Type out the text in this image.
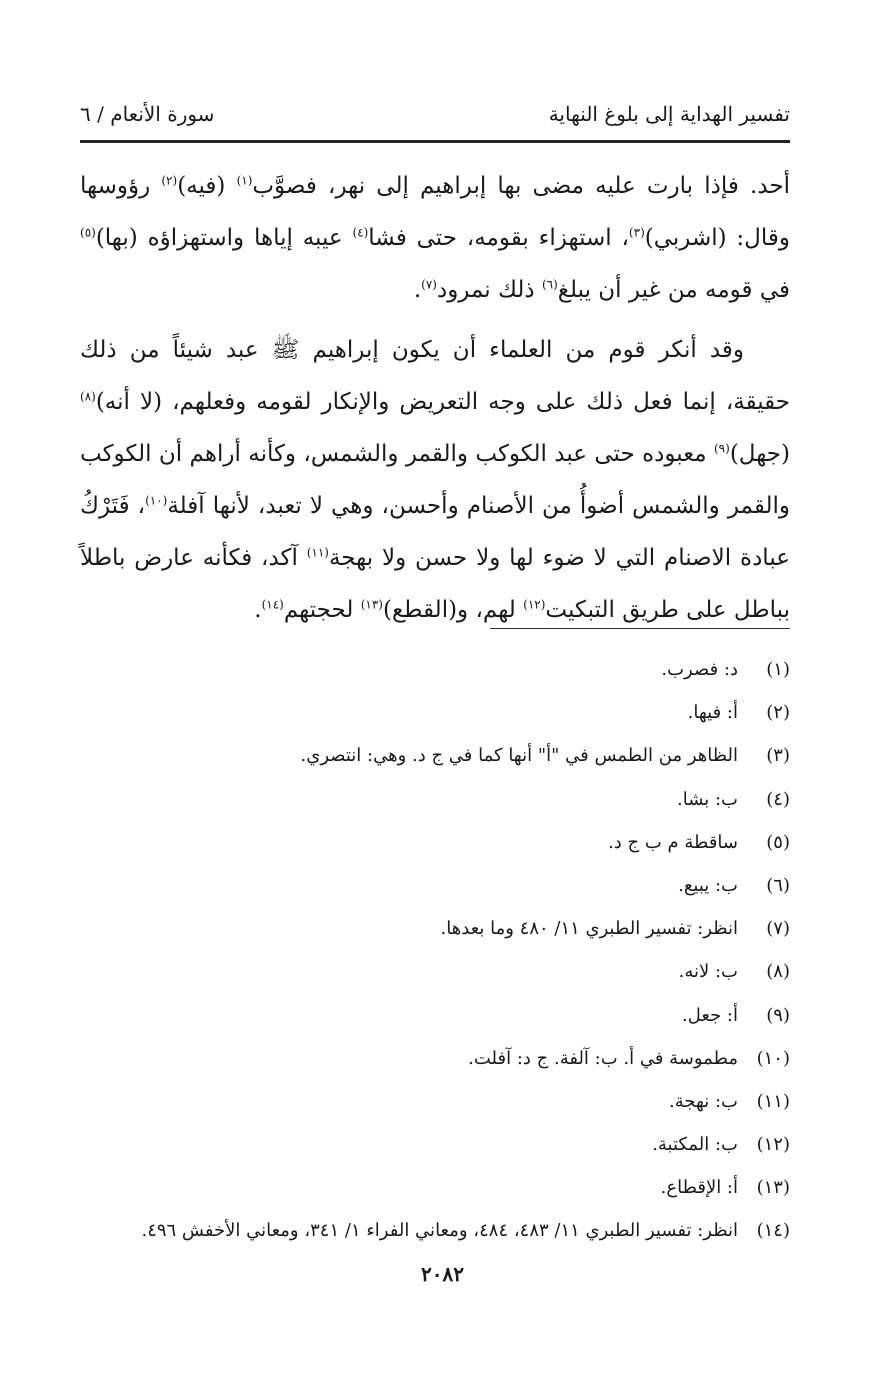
تفسير الهداية إلى بلوغ النهاية
سورة الأنعام / ٦

أحد. فإذا بارت عليه مضى بها إبراهيم إلى نهر، فصوَّب$^{(١)}$ (فيه)$^{(٢)}$ رؤوسها وقال: (اشربي)$^{(٣)}$، استهزاء بقومه، حتى فشا$^{(٤)}$ عيبه إياها واستهزاؤه (بها)$^{(٥)}$ في قومه من غير أن يبلغ$^{(٦)}$ ذلك نمرود$^{(٧)}$.

وقد أنكر قوم من العلماء أن يكون إبراهيم ﷺ عبد شيئاً من ذلك حقيقة، إنما فعل ذلك على وجه التعريض والإنكار لقومه وفعلهم، (لا أنه)$^{(٨)}$ (جهل)$^{(٩)}$ معبوده حتى عبد الكوكب والقمر والشمس، وكأنه أراهم أن الكوكب والقمر والشمس أضوأُ من الأصنام وأحسن، وهي لا تعبد، لأنها آفلة$^{(١٠)}$، فَتَرْكُ عبادة الاصنام التي لا ضوء لها ولا حسن ولا بهجة$^{(١١)}$ آكد، فكأنه عارض باطلاً بباطل على طريق التبكيت$^{(١٢)}$ لهم، و(القطع)$^{(١٣)}$ لحجتهم$^{(١٤)}$.

(١)د: فصرب.
(٢)أ: فيها.
(٣)الظاهر من الطمس في "أ" أنها كما في ج د. وهي: انتصري.
(٤)ب: بشا.
(٥)ساقطة م ب ج د.
(٦)ب: يبيع.
(٧)انظر: تفسير الطبري ١١/ ٤٨٠ وما بعدها.
(٨)ب: لانه.
(٩)أ: جعل.
(١٠)مطموسة في أ. ب: آلفة. ج د: آفلت.
(١١)ب: نهجة.
(١٢)ب: المكتبة.
(١٣)أ: الإقطاع.
(١٤)انظر: تفسير الطبري ١١/ ٤٨٣، ٤٨٤، ومعاني الفراء ١/ ٣٤١، ومعاني الأخفش ٤٩٦.
٢٠٨٢
